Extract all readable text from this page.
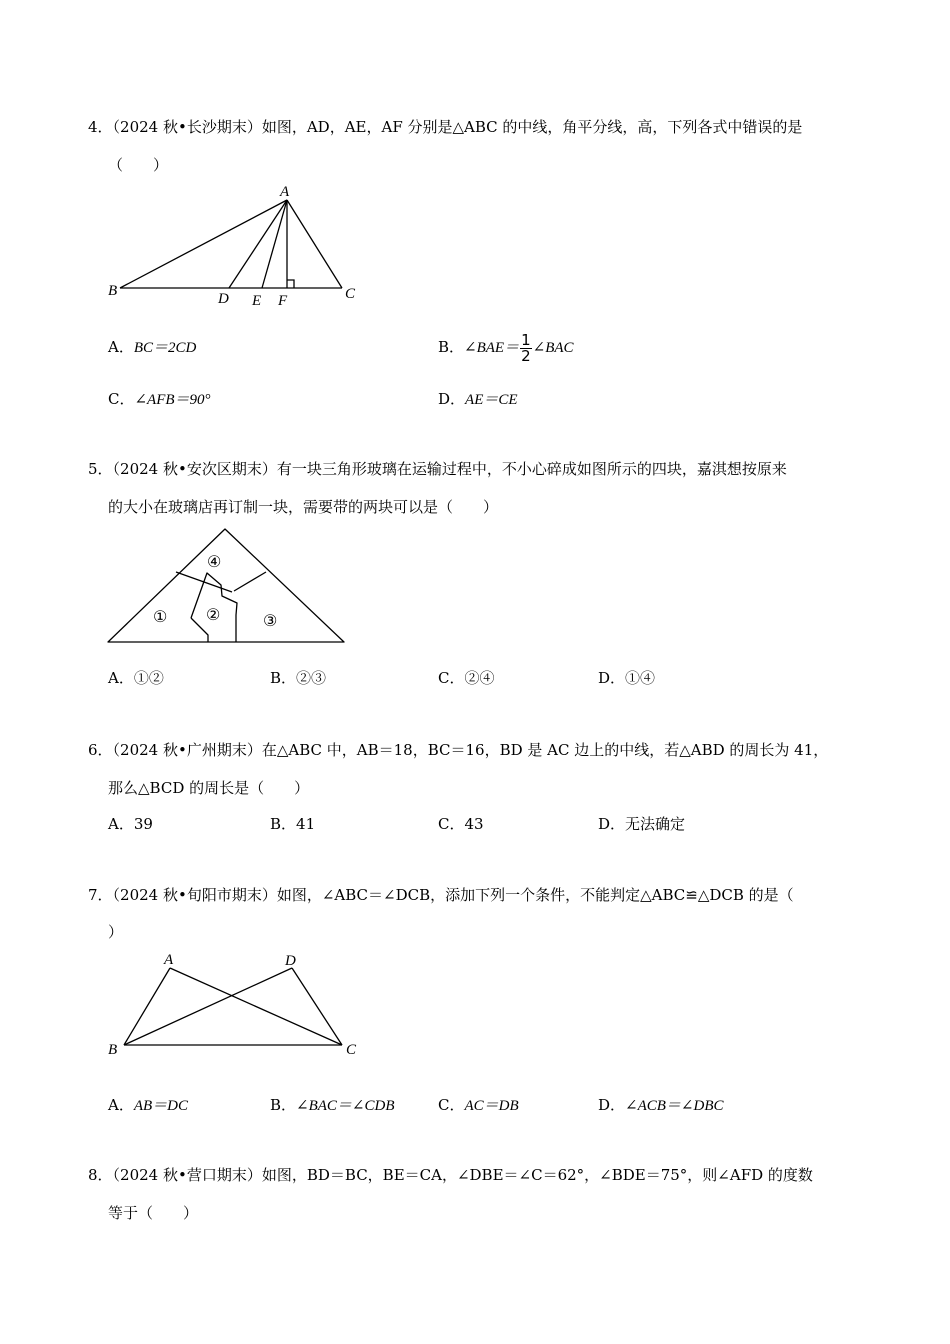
4．（2024 秋•长沙期末）如图，AD，AE，AF 分别是△ABC 的中线，角平分线，高，下列各式中错误的是
（　　）
A
B	D E F	C
A．BC＝2CD	B．∠BAE＝ $\frac{1}{2}$ ∠BAC
C．∠AFB＝90°	D．AE＝CE
5．（2024 秋•安次区期末）有一块三角形玻璃在运输过程中，不小心碎成如图所示的四块，嘉淇想按原来
的大小在玻璃店再订制一块，需要带的两块可以是（　　）
④
① ②	③
A．①②	B．②③	C．②④	D．①④
6．（2024 秋•广州期末）在△ABC 中，AB＝18，BC＝16，BD 是 AC 边上的中线，若△ABD 的周长为 41，
那么△BCD 的周长是（　　）
A．39	B．41	C．43	D．无法确定
7．（2024 秋•旬阳市期末）如图，∠ABC＝∠DCB，添加下列一个条件，不能判定△ABC≌△DCB 的是（
）
A	D
B	C
A．AB＝DC	B．∠BAC＝∠CDB	C．AC＝DB	D．∠ACB＝∠DBC
8．（2024 秋•营口期末）如图，BD＝BC，BE＝CA，∠DBE＝∠C＝62°，∠BDE＝75°，则∠AFD 的度数
等于（　　）
